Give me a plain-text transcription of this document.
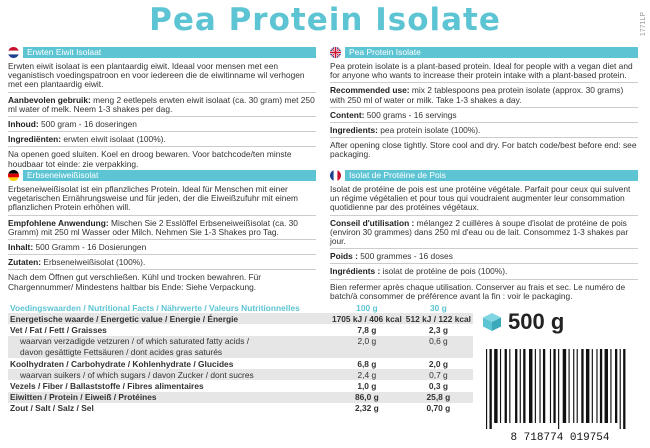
Pea Protein Isolate	1771LP
Erwten Eiwit Isolaat

Erwten eiwit isolaat is een plantaardig eiwit. Ideaal voor mensen met een veganistisch voedingspatroon en voor iedereen die de eiwitinname wil verhogen met een plantaardig eiwit.

Aanbevolen gebruik: meng 2 eetlepels erwten eiwit isolaat (ca. 30 gram) met 250 ml water of melk. Neem 1-3 shakes per dag.

Inhoud: 500 gram - 16 doseringen

Ingrediënten: erwten eiwit isolaat (100%).

Na openen goed sluiten. Koel en droog bewaren. Voor batchcode/ten minste houdbaar tot einde: zie verpakking.

Pea Protein Isolate

Pea protein isolate is a plant-based protein. Ideal for people with a vegan diet and for anyone who wants to increase their protein intake with a plant-based protein.

Recommended use: mix 2 tablespoons pea protein isolate (approx. 30 grams) with 250 ml of water or milk. Take 1-3 shakes a day.

Content: 500 grams - 16 servings

Ingredients: pea protein isolate (100%).

After opening close tightly. Store cool and dry. For batch code/best before end: see packaging.

Erbseneiweißisolat

Erbseneiweißisolat ist ein pflanzliches Protein. Ideal für Menschen mit einer vegetarischen Ernährungsweise und für jeden, der die Eiweißzufuhr mit einem pflanzlichen Protein erhöhen will.

Empfohlene Anwendung: Mischen Sie 2 Esslöffel Erbseneiweißisolat (ca. 30 Gramm) mit 250 ml Wasser oder Milch. Nehmen Sie 1-3 Shakes pro Tag.

Inhalt: 500 Gramm - 16 Dosierungen

Zutaten: Erbseneiweißisolat (100%).

Nach dem Öffnen gut verschließen. Kühl und trocken bewahren. Für Chargennummer/ Mindestens haltbar bis Ende: Siehe Verpackung.

Isolat de Protéine de Pois

Isolat de protéine de pois est une protéine végétale. Parfait pour ceux qui suivent un régime végétalien et pour tous qui voudraient augmenter leur consommation quotidienne par des protéines végétaux.

Conseil d'utilisation : mélangez 2 cuillères à soupe d'isolat de protéine de pois (environ 30 grammes) dans 250 ml d'eau ou de lait. Consommez 1-3 shakes par jour.

Poids : 500 grammes - 16 doses

Ingrédients : isolat de protéine de pois (100%).

Bien refermer après chaque utilisation. Conserver au frais et sec. Le numéro de batch/à consommer de préférence avant la fin : voir le packaging.

Voedingswaarden / Nutritional Facts / Nährwerte / Valeurs Nutritionnelles	100 g	30 g
Energetische waarde / Energetic value / Energie / Énergie	1705 kJ / 406 kcal	512 kJ / 122 kcal
Vet / Fat / Fett / Graisses	7,8 g	2,3 g
waarvan verzadigde vetzuren / of which saturated fatty acids /	2,0 g	0,6 g
davon gesättigte Fettsäuren / dont acides gras saturés		
Koolhydraten / Carbohydrate / Kohlenhydrate / Glucides	6,8 g	2,0 g
waarvan suikers / of which sugars / davon Zucker / dont sucres	2,4 g	0,7 g
Vezels / Fiber / Ballaststoffe / Fibres alimentaires	1,0 g	0,3 g
Eiwitten / Protein / Eiweiß / Protéines	86,0 g	25,8 g
Zout / Salt / Salz / Sel	2,32 g	0,70 g
500 g
8 718774 019754
